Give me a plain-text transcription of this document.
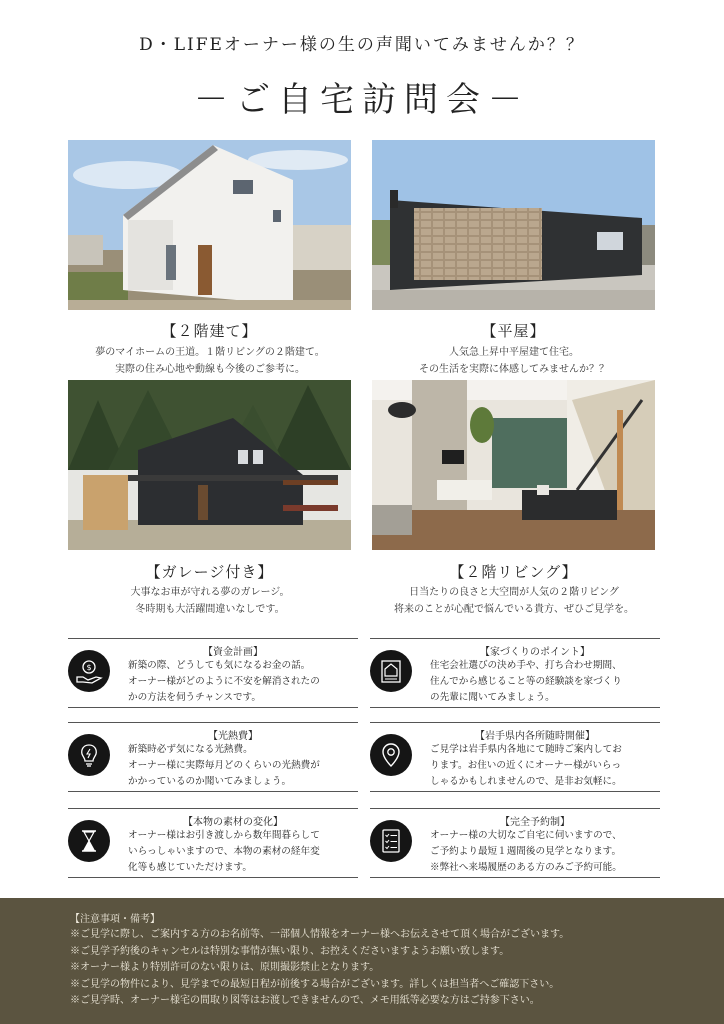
D・LIFEオーナー様の生の声聞いてみませんか？？
－ご自宅訪問会－
【２階建て】
夢のマイホームの王道。１階リビングの２階建て。
実際の住み心地や動線も今後のご参考に。
【平屋】
人気急上昇中平屋建て住宅。
その生活を実際に体感してみませんか？？
【ガレージ付き】
大事なお車が守れる夢のガレージ。
冬時期も大活躍間違いなしです。
【２階リビング】
日当たりの良さと大空間が人気の２階リビング
将来のことが心配で悩んでいる貴方、ぜひご見学を。
【資金計画】
$	新築の際、どうしても気になるお金の話。
オーナー様がどのように不安を解消されたの
かの方法を伺うチャンスです。
【家づくりのポイント】
住宅会社選びの決め手や、打ち合わせ期間、
住んでから感じること等の経験談を家づくり
の先輩に聞いてみましょう。
【光熱費】
新築時必ず気になる光熱費。
オーナー様に実際毎月どのくらいの光熱費が
かかっているのか聞いてみましょう。
【岩手県内各所随時開催】
ご見学は岩手県内各地にて随時ご案内してお
ります。お住いの近くにオーナー様がいらっ
しゃるかもしれませんので、是非お気軽に。
【本物の素材の変化】
オーナー様はお引き渡しから数年間暮らして
いらっしゃいますので、本物の素材の経年変
化等も感じていただけます。
【完全予約制】
オーナー様の大切なご自宅に伺いますので、
ご予約より最短１週間後の見学となります。
※弊社へ来場履歴のある方のみご予約可能。
【注意事項・備考】
※ご見学に際し、ご案内する方のお名前等、一部個人情報をオーナー様へお伝えさせて頂く場合がございます。
※ご見学予約後のキャンセルは特別な事情が無い限り、お控えくださいますようお願い致します。
※オーナー様より特別許可のない限りは、原則撮影禁止となります。
※ご見学の物件により、見学までの最短日程が前後する場合がございます。詳しくは担当者へご確認下さい。
※ご見学時、オーナー様宅の間取り図等はお渡しできませんので、メモ用紙等必要な方はご持参下さい。
